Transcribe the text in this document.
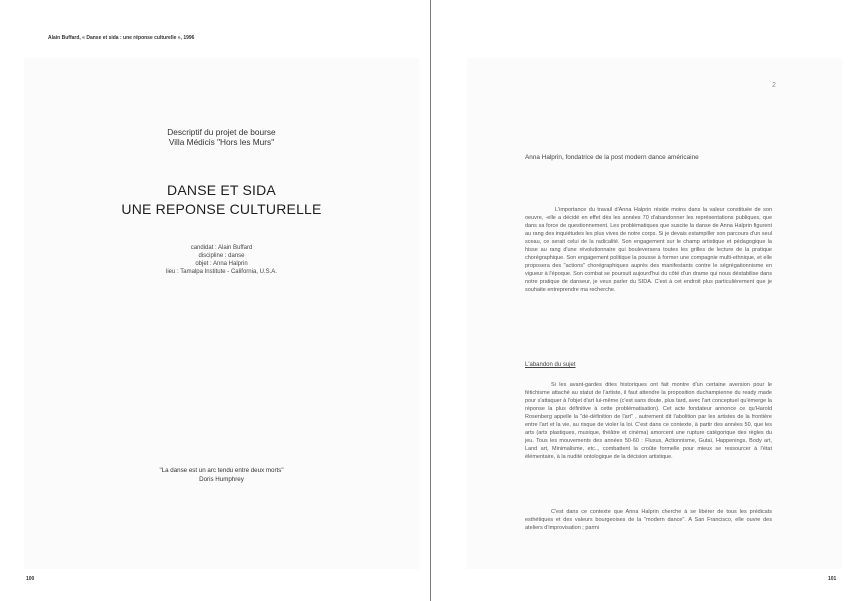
Alain Buffard, « Danse et sida : une réponse culturelle », 1996
Descriptif du projet de bourse
Villa Médicis "Hors les Murs"
DANSE ET SIDA
UNE REPONSE CULTURELLE
candidat : Alain Buffard
discipline : danse
objet : Anna Halprin
lieu : Tamalpa Institute - California, U.S.A.
"La danse est un arc tendu entre deux morts"
Doris Humphrey
2
Anna Halprin, fondatrice de la post modern dance américaine
L'importance du travail d'Anna Halprin réside moins dans la valeur constituée de son oeuvre, -elle a décidé en effet dès les années 70 d'abandonner les représentations publiques, que dans sa force de questionnement. Les problématiques que suscite la danse de Anna Halprin figurent au rang des inquiétudes les plus vives de notre corps. Si je devais estampiller son parcours d'un seul sceau, ce serait celui de la radicalité. Son engagement sur le champ artistique et pédagogique la hisse au rang d'une révolutionnaire qui bouleversera toutes les grilles de lecture de la pratique chorégraphique. Son engagement politique la pousse à former une compagnie multi-ethnique, et elle proposera des "actions" chorégraphiques auprès des manifestants contre le ségrégationnisme en vigueur à l'époque. Son combat se poursuit aujourd'hui du côté d'un drame qui nous déstabilise dans notre pratique de danseur, je veux parler du SIDA. C'est à cet endroit plus particulièrement que je souhaite entreprendre ma recherche.
L'abandon du sujet
Si les avant-gardes dites historiques ont fait montre d'un certaine aversion pour le fétichisme attaché au statut de l'artiste, il faut attendre la proposition duchampienne du ready made pour s'attaquer à l'objet d'art lui-même (c'est sans doute, plus tard, avec l'art conceptuel qu'émerge la réponse la plus définitive à cette problématisation). Cet acte fondateur annonce ce qu'Harold Rosenberg appelle la "dé-définition de l'art" , autrement dit l'abolition par les artistes de la frontière entre l'art et la vie, au risque de violer la loi. C'est dans ce contexte, à partir des années 50, que les arts (arts plastiques, musique, théâtre et cinéma) amorcent une rupture catégorique des règles du jeu. Tous les mouvements des années 50-60 : Fluxus, Actionnisme, Gutaï, Happenings, Body art, Land art, Minimalisme, etc.., combattent la croûte formelle pour mieux se ressourcer à l'état élémentaire, à la nudité ontologique de la décision artistique.
C'est dans ce contexte que Anna Halprin cherche à se libérer de tous les prédicats esthétiques et des valeurs bourgeoises de la "modern dance". A San Francisco, elle ouvre des ateliers d'improvisation ; parmi
100	101
